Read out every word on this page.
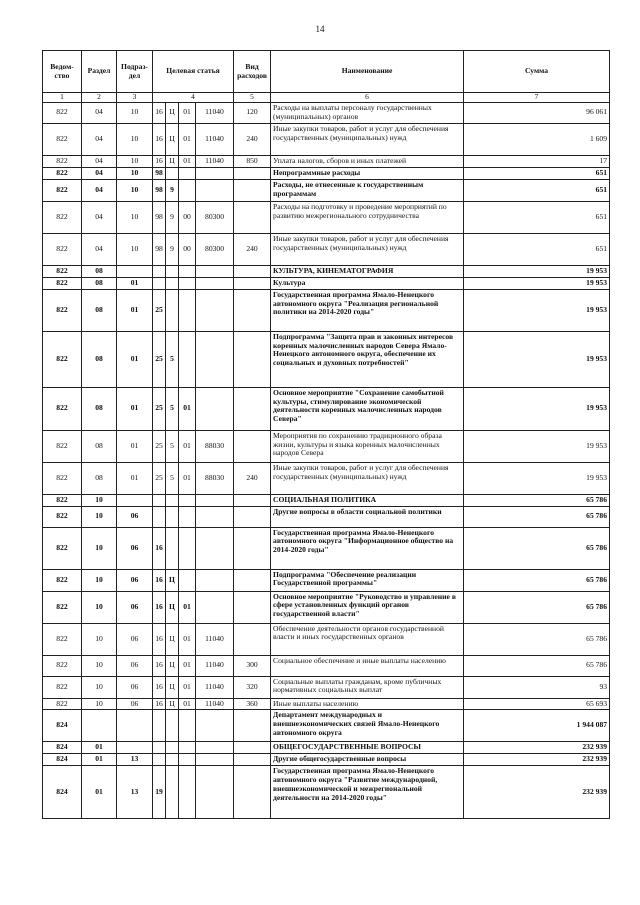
14
Ведом-ство	Раздел	Подраз-дел	Целевая статья				Вид расходов	Наименование	Сумма
1	2	3	4				5	6	7
822	04	10	16	Ц	01	11040	120	Расходы на выплаты персоналу государственных (муниципальных) органов	96 061
822	04	10	16	Ц	01	11040	240	Иные закупки товаров, работ и услуг для обеспечения государственных (муниципальных) нужд	1 609
822	04	10	16	Ц	01	11040	850	Уплата налогов, сборов и иных платежей	17
822	04	10	98					Непрограммные расходы	651
822	04	10	98	9				Расходы, не отнесенные к государственным программам	651
822	04	10	98	9	00	80300		Расходы на подготовку и проведение мероприятий по развитию межрегионального сотрудничества	651
822	04	10	98	9	00	80300	240	Иные закупки товаров, работ и услуг для обеспечения государственных (муниципальных) нужд	651
822	08							КУЛЬТУРА, КИНЕМАТОГРАФИЯ	19 953
822	08	01						Культура	19 953
822	08	01	25					Государственная программа Ямало-Ненецкого автономного округа "Реализация региональной политики на 2014-2020 годы"	19 953
822	08	01	25	5				Подпрограмма "Защита прав и законных интересов коренных малочисленных народов Севера Ямало-Ненецкого автономного округа, обеспечение их социальных и духовных потребностей"	19 953
822	08	01	25	5	01			Основное мероприятие "Сохранение самобытной культуры, стимулирование экономической деятельности коренных малочисленных народов Севера"	19 953
822	08	01	25	5	01	88030		Мероприятия по сохранению традиционного образа жизни, культуры и языка коренных малочисленных народов Севера	19 953
822	08	01	25	5	01	88030	240	Иные закупки товаров, работ и услуг для обеспечения государственных (муниципальных) нужд	19 953
822	10							СОЦИАЛЬНАЯ ПОЛИТИКА	65 786
822	10	06						Другие вопросы в области социальной политики	65 786
822	10	06	16					Государственная программа Ямало-Ненецкого автономного округа "Информационное общество на 2014-2020 годы"	65 786
822	10	06	16	Ц				Подпрограмма "Обеспечение реализации Государственной программы"	65 786
822	10	06	16	Ц	01			Основное мероприятие "Руководство и управление в сфере установленных функций органов государственной власти"	65 786
822	10	06	16	Ц	01	11040		Обеспечение деятельности органов государственной власти и иных государственных органов	65 786
822	10	06	16	Ц	01	11040	300	Социальное обеспечение и иные выплаты населению	65 786
822	10	06	16	Ц	01	11040	320	Социальные выплаты гражданам, кроме публичных нормативных социальных выплат	93
822	10	06	16	Ц	01	11040	360	Иные выплаты населению	65 693
824								Департамент международных и внешнеэкономических связей Ямало-Ненецкого автономного округа	1 944 087
824	01							ОБЩЕГОСУДАРСТВЕННЫЕ ВОПРОСЫ	232 939
824	01	13						Другие общегосударственные вопросы	232 939
824	01	13	19					Государственная программа Ямало-Ненецкого автономного округа "Развитие международной, внешнеэкономической и межрегиональной деятельности на 2014-2020 годы"	232 939
